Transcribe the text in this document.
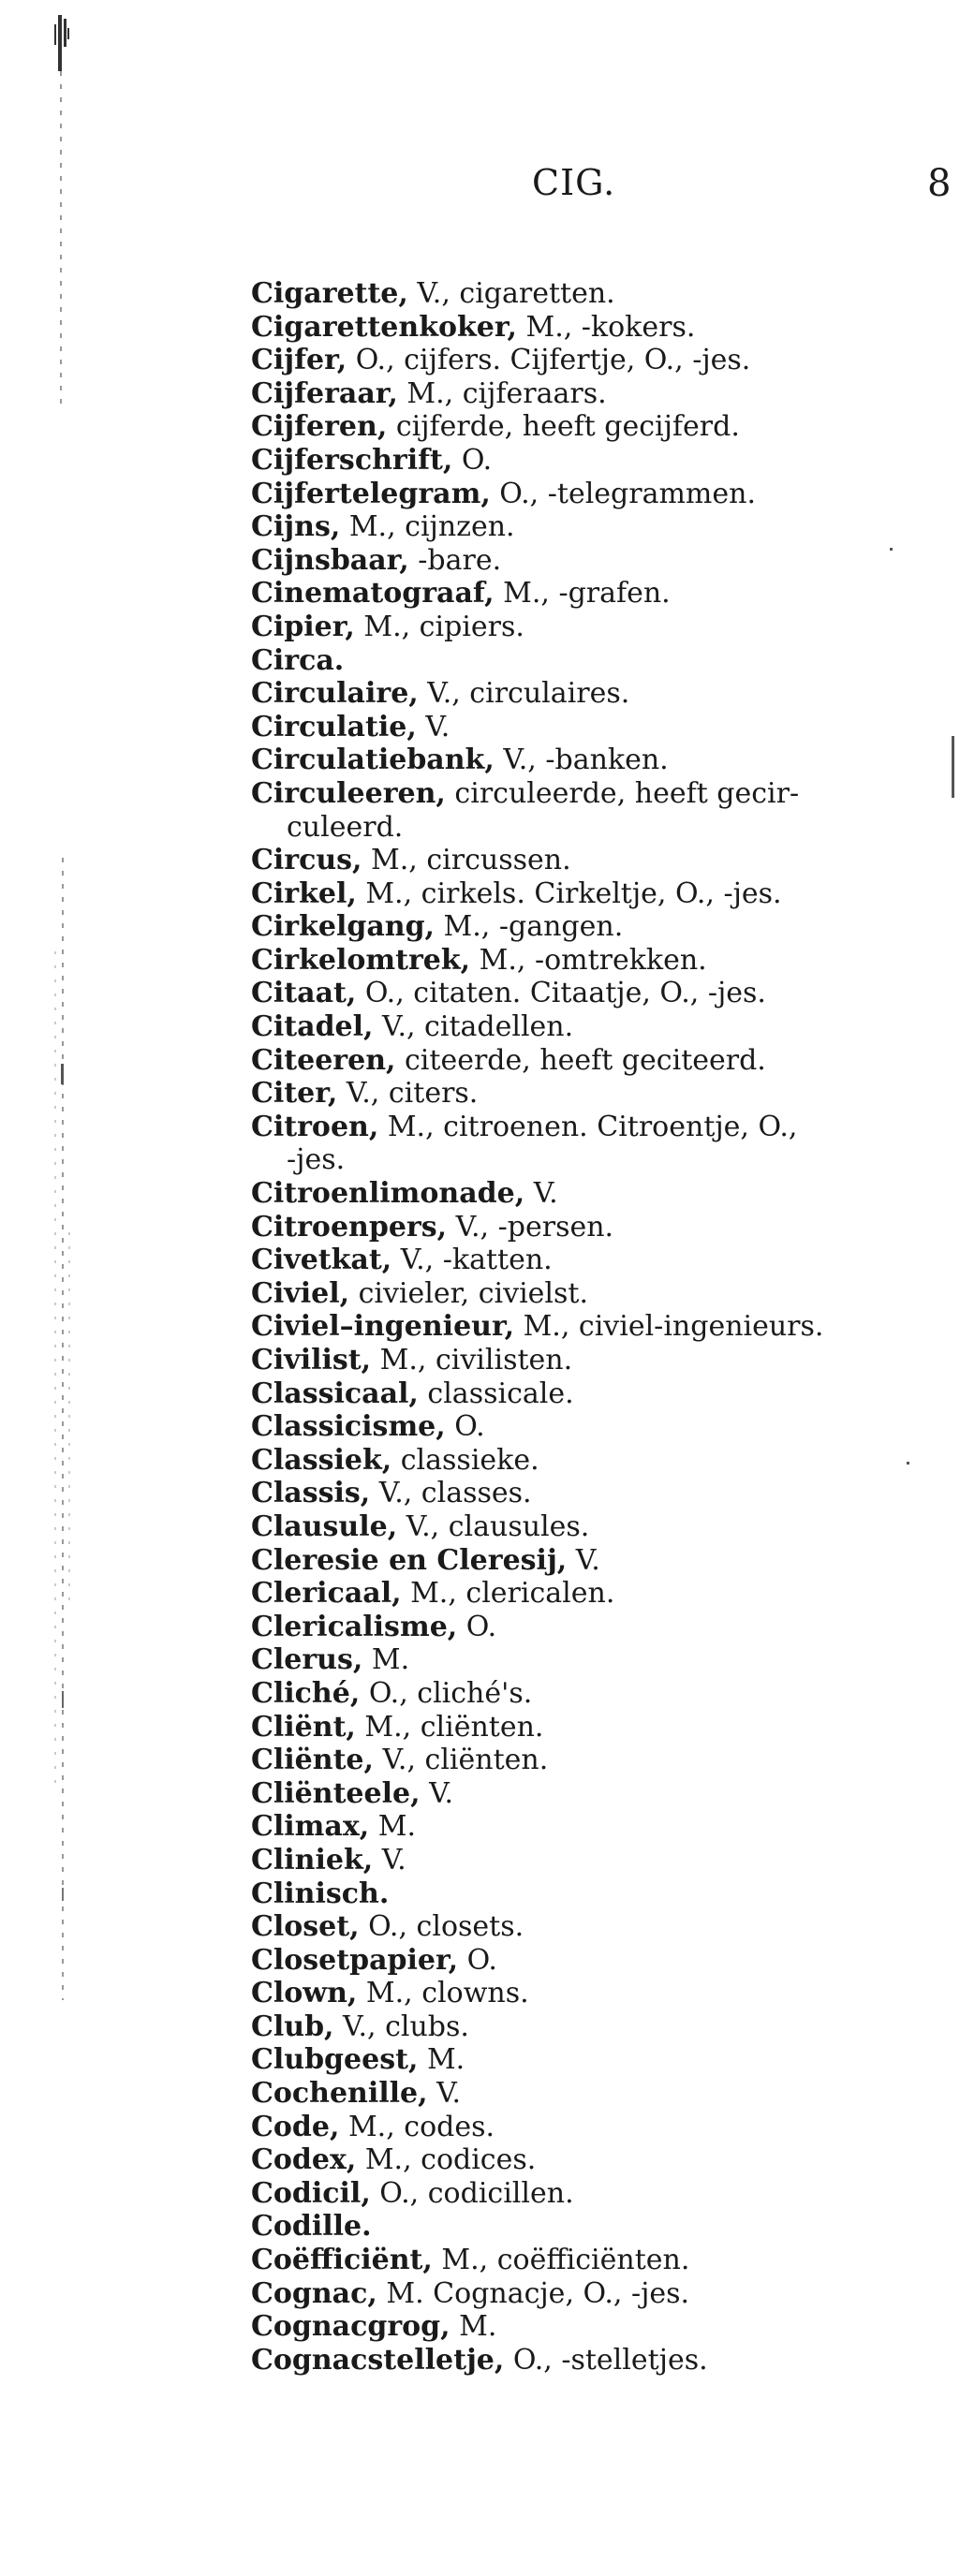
CIG.	8
Cigarette, V., cigaretten.
Cigarettenkoker, M., -kokers.
Cijfer, O., cijfers. Cijfertje, O., -jes.
Cijferaar, M., cijferaars.
Cijferen, cijferde, heeft gecijferd.
Cijferschrift, O.
Cijfertelegram, O., -telegrammen.
Cijns, M., cijnzen.
Cijnsbaar, -bare.
Cinematograaf, M., -grafen.
Cipier, M., cipiers.
Circa.
Circulaire, V., circulaires.
Circulatie, V.
Circulatiebank, V., -banken.
Circuleeren, circuleerde, heeft gecir-
culeerd.
Circus, M., circussen.
Cirkel, M., cirkels. Cirkeltje, O., -jes.
Cirkelgang, M., -gangen.
Cirkelomtrek, M., -omtrekken.
Citaat, O., citaten. Citaatje, O., -jes.
Citadel, V., citadellen.
Citeeren, citeerde, heeft geciteerd.
Citer, V., citers.
Citroen, M., citroenen. Citroentje, O.,
-jes.
Citroenlimonade, V.
Citroenpers, V., -persen.
Civetkat, V., -katten.
Civiel, civieler, civielst.
Civiel–ingenieur, M., civiel-ingenieurs.
Civilist, M., civilisten.
Classicaal, classicale.
Classicisme, O.
Classiek, classieke.
Classis, V., classes.
Clausule, V., clausules.
Cleresie en Cleresij, V.
Clericaal, M., clericalen.
Clericalisme, O.
Clerus, M.
Cliché, O., cliché's.
Cliënt, M., cliënten.
Cliënte, V., cliënten.
Cliënteele, V.
Climax, M.
Cliniek, V.
Clinisch.
Closet, O., closets.
Closetpapier, O.
Clown, M., clowns.
Club, V., clubs.
Clubgeest, M.
Cochenille, V.
Code, M., codes.
Codex, M., codices.
Codicil, O., codicillen.
Codille.
Coëfficiënt, M., coëfficiënten.
Cognac, M. Cognacje, O., -jes.
Cognacgrog, M.
Cognacstelletje, O., -stelletjes.
